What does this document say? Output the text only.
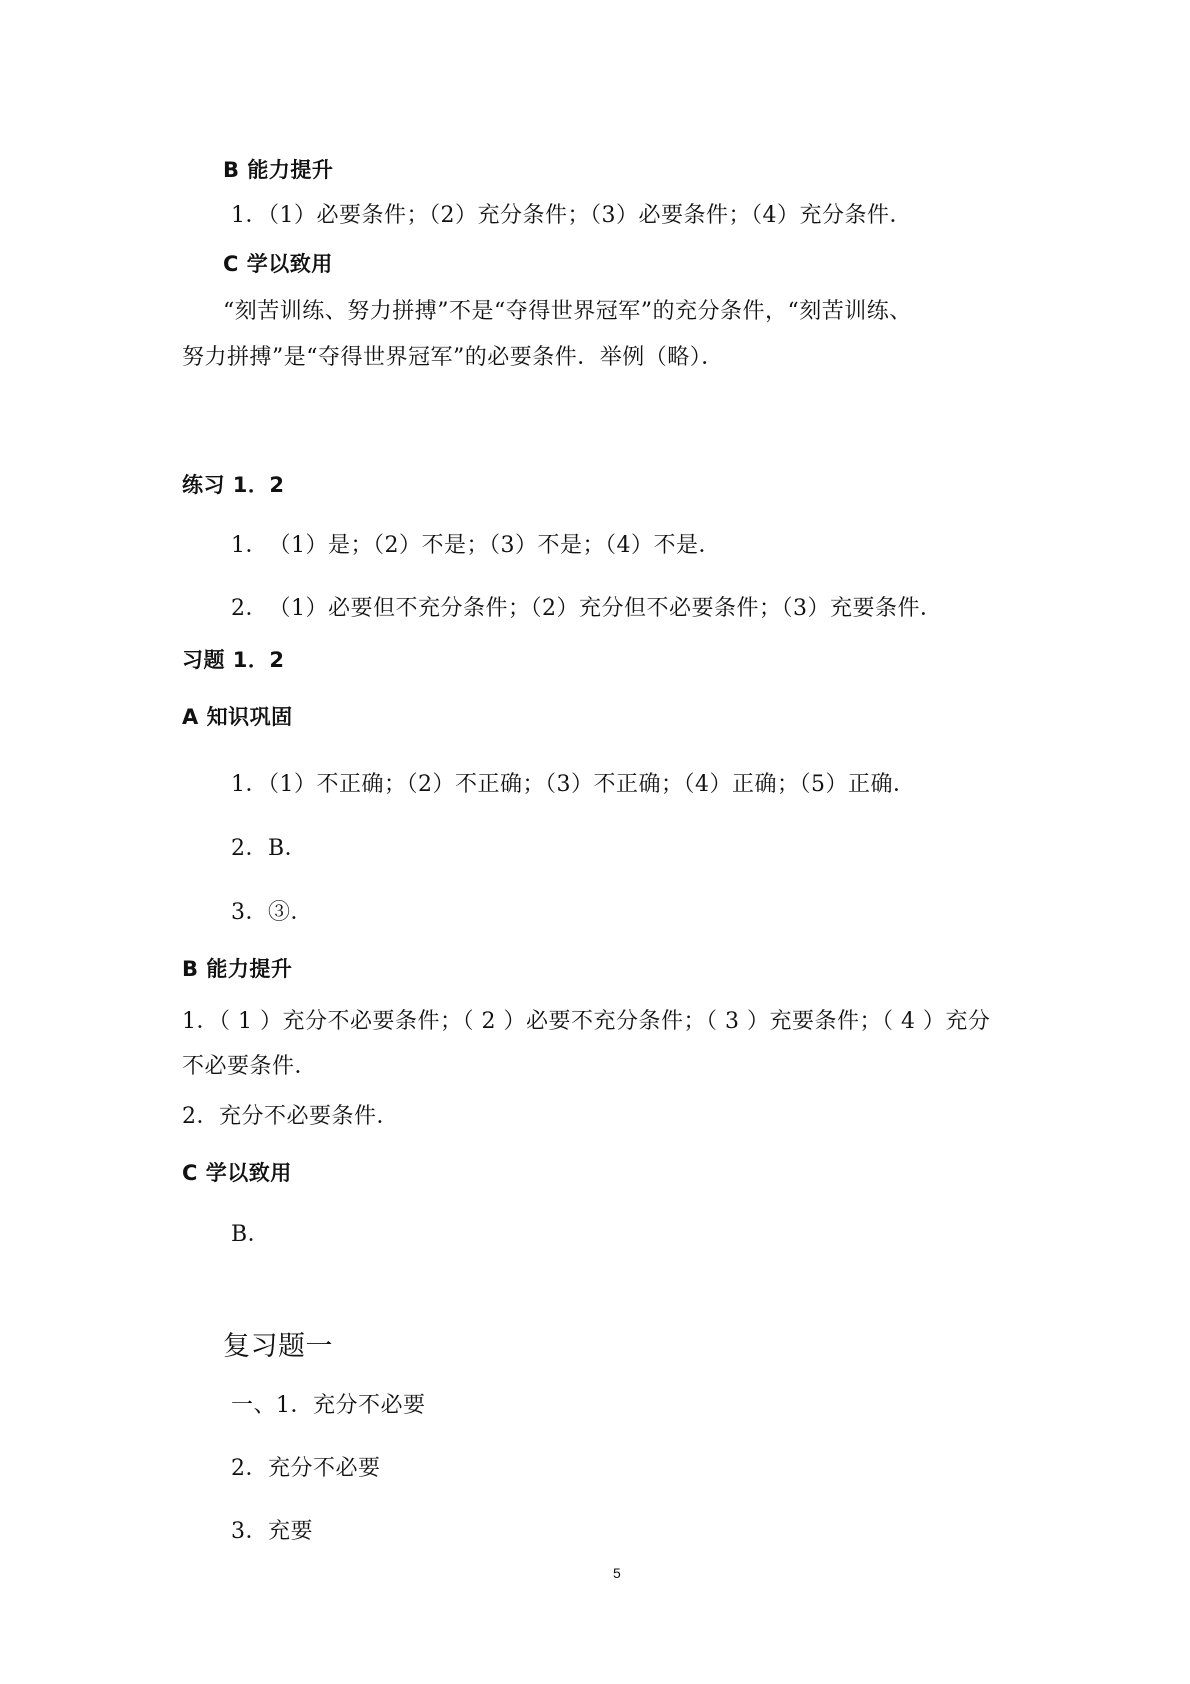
B 能力提升
1．（1）必要条件；（2）充分条件；（3）必要条件；（4）充分条件．
C 学以致用
“刻苦训练、努力拼搏”不是“夺得世界冠军”的充分条件，“刻苦训练、
努力拼搏”是“夺得世界冠军”的必要条件．举例（略）．
练习 1．2
1．　（1）是；（2）不是；（3）不是；（4）不是．
2．　（1）必要但不充分条件；（2）充分但不必要条件；（3）充要条件．
习题 1．2
A 知识巩固
1．（1）不正确；（2）不正确；（3）不正确；（4）正确；（5）正确．
2．B．
3．③．
B 能力提升
1．（ 1 ）充分不必要条件；（ 2 ）必要不充分条件；（ 3 ）充要条件；（ 4 ）充分
不必要条件．
2．充分不必要条件．
C 学以致用
B．
复习题一
一、1．充分不必要
2．充分不必要
3．充要
5
